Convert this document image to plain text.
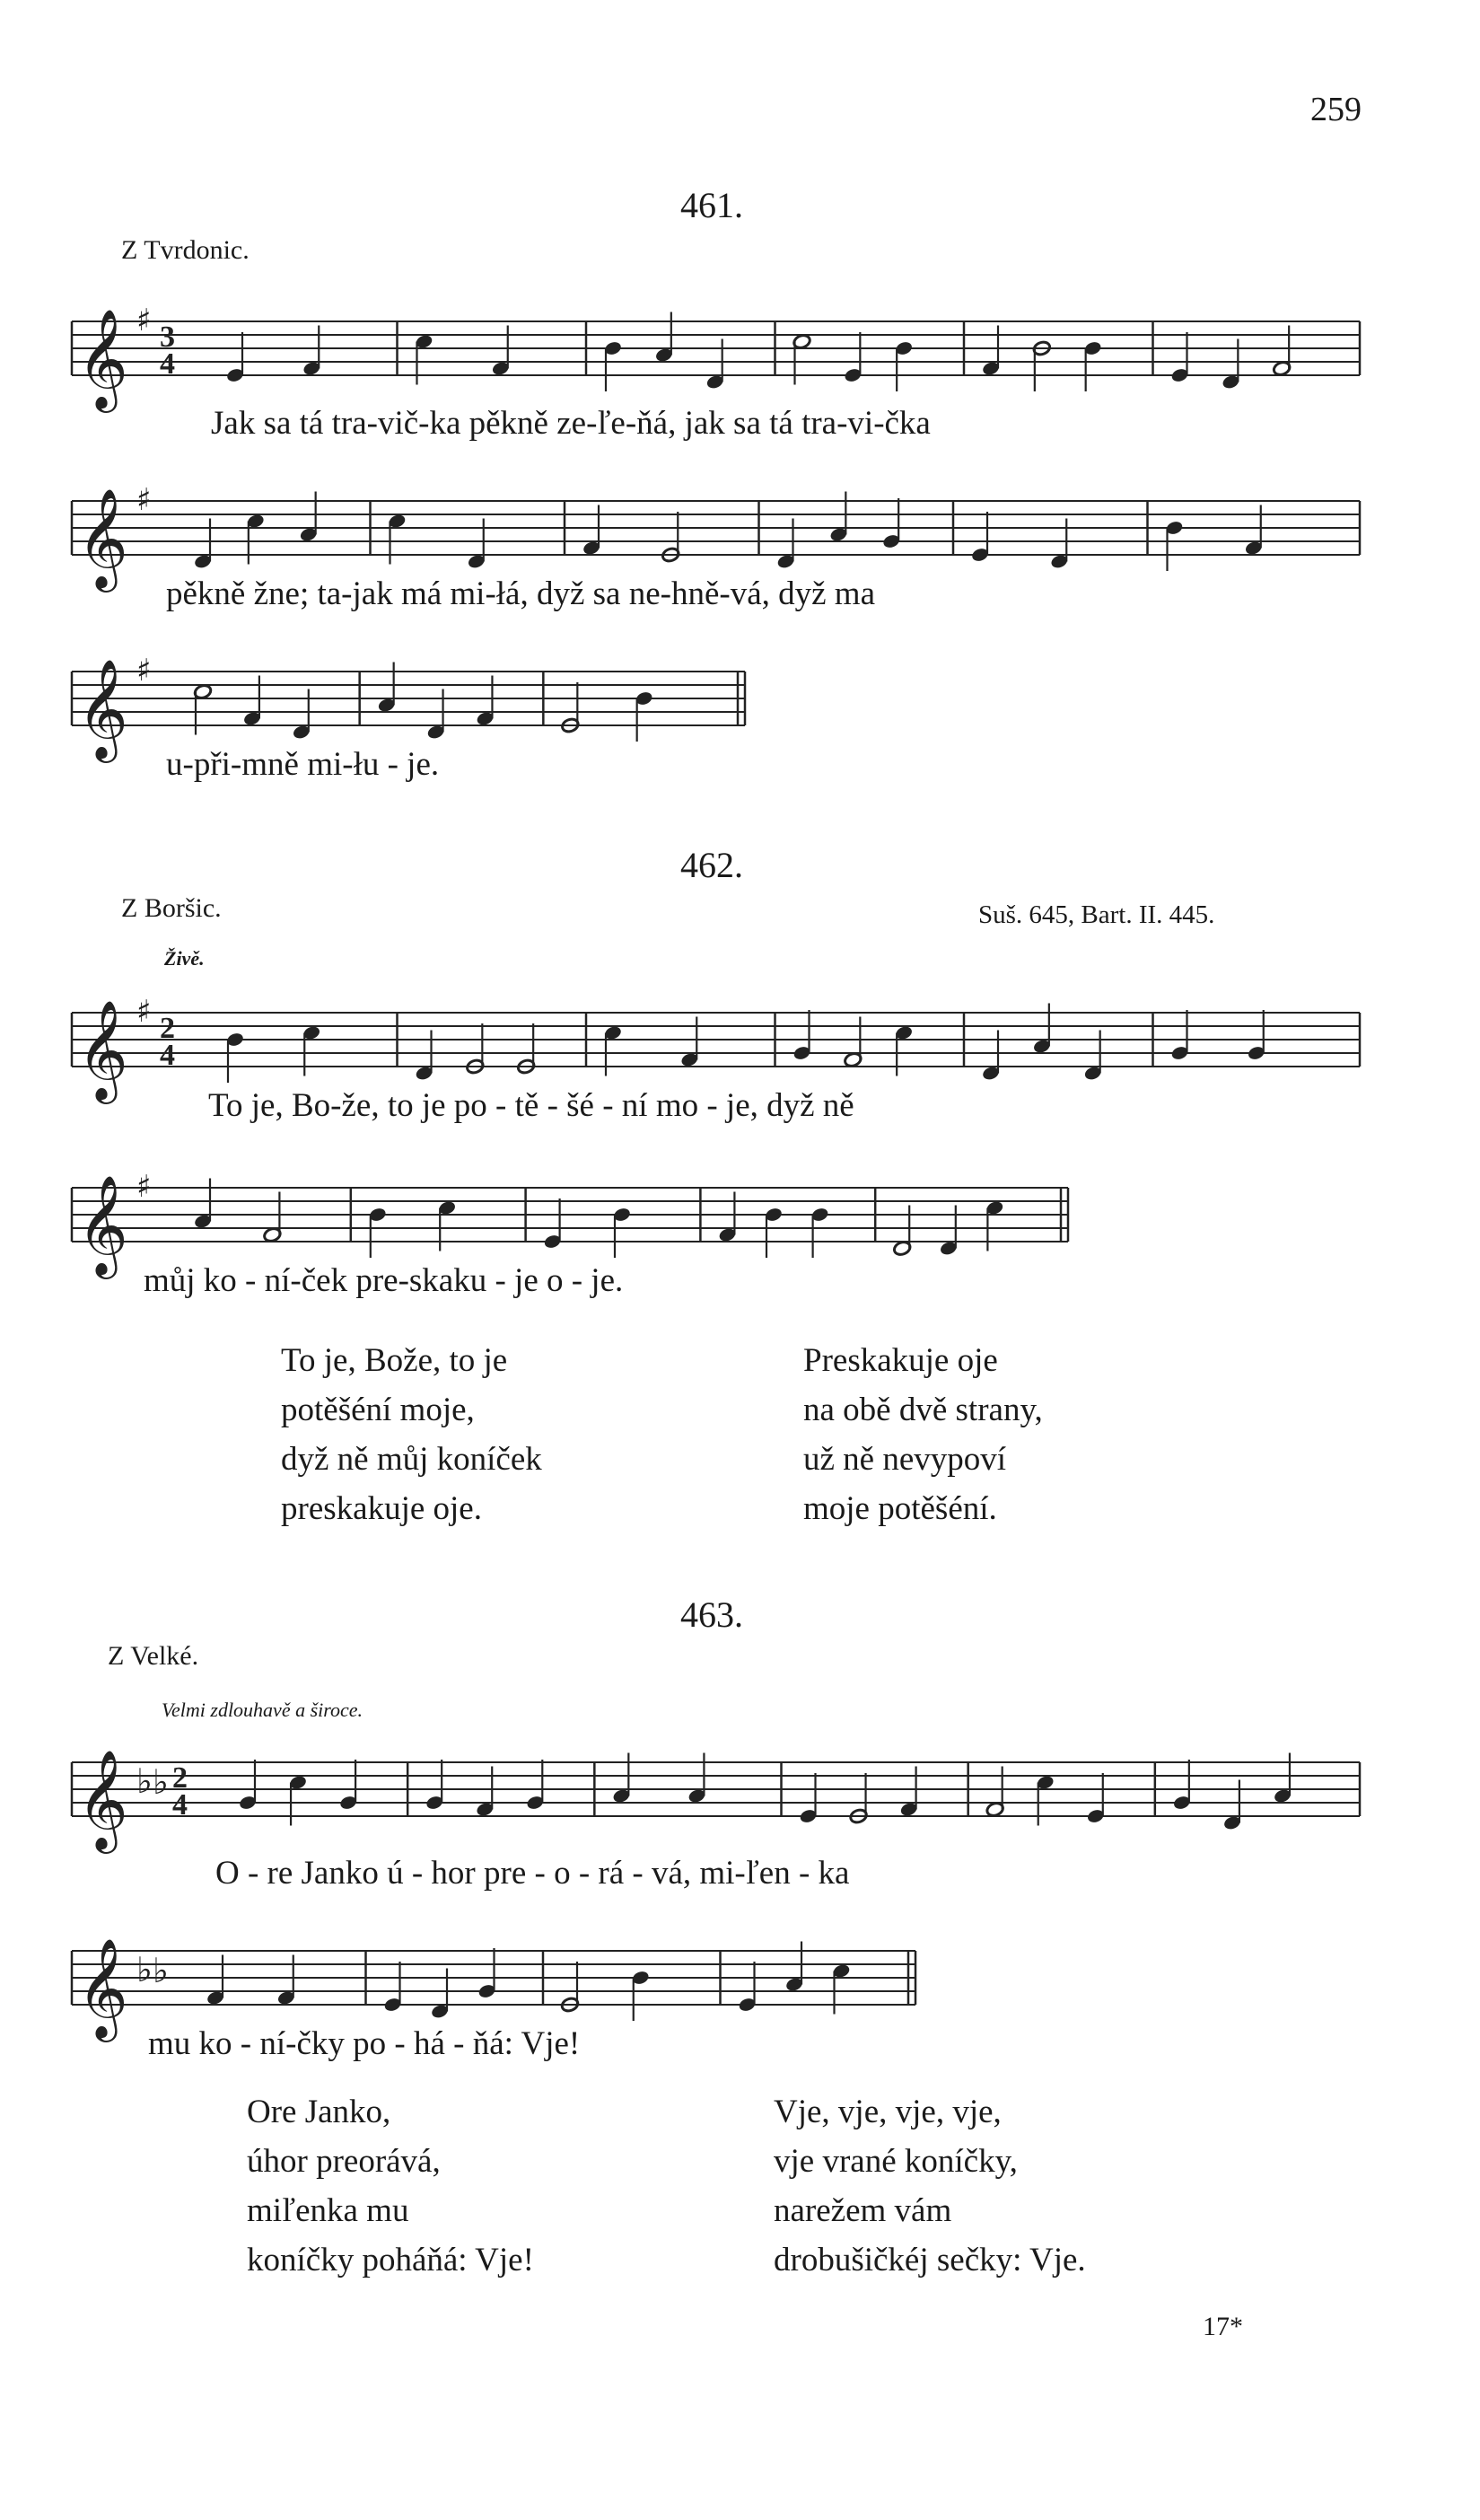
259
461.
Z Tvrdonic.
𝄞 ♯ 3
4
Jak sa tá tra-vič-ka pěkně ze-ľe-ňá, jak sa tá tra-vi-čka
𝄞 ♯
pěkně žne; ta-jak má mi-łá, dyž sa ne-hně-vá, dyž ma
𝄞 ♯
u-při-mně mi-łu - je.
462.
Z Boršic.	Suš. 645, Bart. II. 445.
Živě.
𝄞 ♯ 2
4
To je, Bo-že, to je po - tě - šé - ní mo - je, dyž ně
𝄞 ♯
můj ko - ní-ček pre-skaku - je o - je.
To je, Bože, to je
potěšéní moje,
dyž ně můj koníček
preskakuje oje.
Preskakuje oje
na obě dvě strany,
už ně nevypoví
moje potěšéní.
463.
Z Velké.
Velmi zdlouhavě a široce.
𝄞 ♭ ♭ 2
4
O - re Janko ú - hor pre - o - rá - vá, mi-ľen - ka
𝄞 ♭ ♭
mu ko - ní-čky po - há - ňá: Vje!
Ore Janko,
úhor preorává,
miľenka mu
koníčky poháňá: Vje!
Vje, vje, vje, vje,
vje vrané koníčky,
narežem vám
drobušičkéj sečky: Vje.
17*
